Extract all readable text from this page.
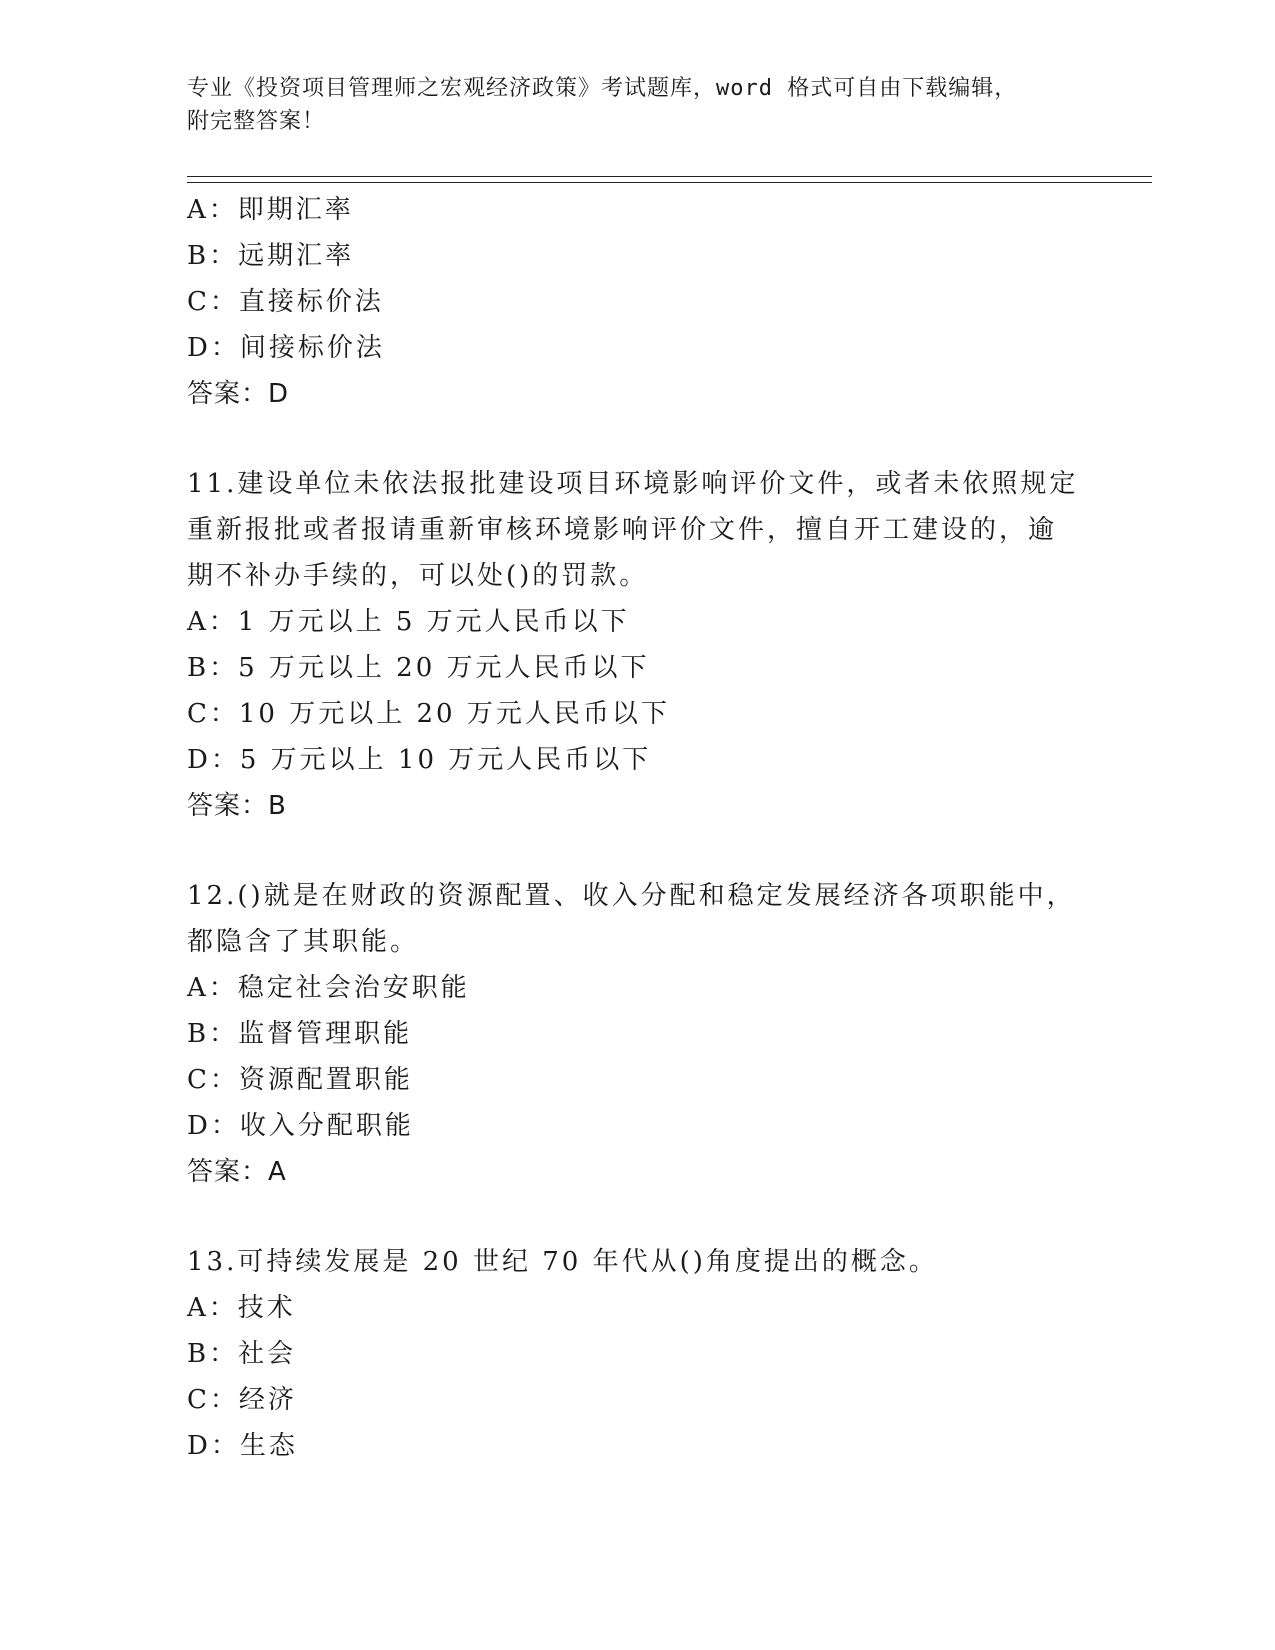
专业《投资项目管理师之宏观经济政策》考试题库，word 格式可自由下载编辑，
附完整答案！
A：即期汇率
B：远期汇率
C：直接标价法
D：间接标价法
答案：D
11.建设单位未依法报批建设项目环境影响评价文件，或者未依照规定
重新报批或者报请重新审核环境影响评价文件，擅自开工建设的，逾
期不补办手续的，可以处()的罚款。
A：1 万元以上 5 万元人民币以下
B：5 万元以上 20 万元人民币以下
C：10 万元以上 20 万元人民币以下
D：5 万元以上 10 万元人民币以下
答案：B
12.()就是在财政的资源配置、收入分配和稳定发展经济各项职能中，
都隐含了其职能。
A：稳定社会治安职能
B：监督管理职能
C：资源配置职能
D：收入分配职能
答案：A
13.可持续发展是 20 世纪 70 年代从()角度提出的概念。
A：技术
B：社会
C：经济
D：生态
